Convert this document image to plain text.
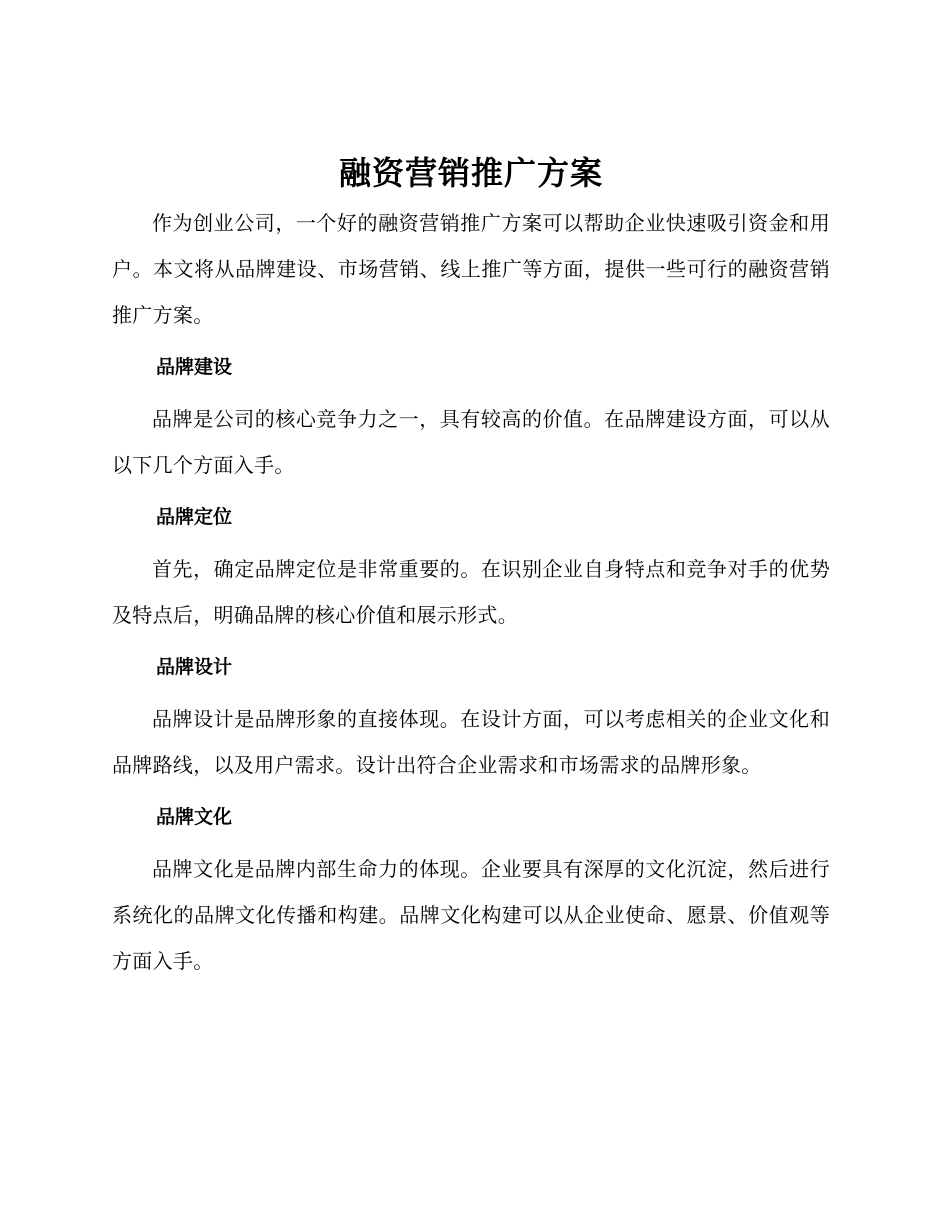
融资营销推广方案

作为创业公司，一个好的融资营销推广方案可以帮助企业快速吸引资金和用户。本文将从品牌建设、市场营销、线上推广等方面，提供一些可行的融资营销推广方案。

品牌建设

品牌是公司的核心竞争力之一，具有较高的价值。在品牌建设方面，可以从以下几个方面入手。

品牌定位

首先，确定品牌定位是非常重要的。在识别企业自身特点和竞争对手的优势及特点后，明确品牌的核心价值和展示形式。

品牌设计

品牌设计是品牌形象的直接体现。在设计方面，可以考虑相关的企业文化和品牌路线，以及用户需求。设计出符合企业需求和市场需求的品牌形象。

品牌文化

品牌文化是品牌内部生命力的体现。企业要具有深厚的文化沉淀，然后进行系统化的品牌文化传播和构建。品牌文化构建可以从企业使命、愿景、价值观等方面入手。
